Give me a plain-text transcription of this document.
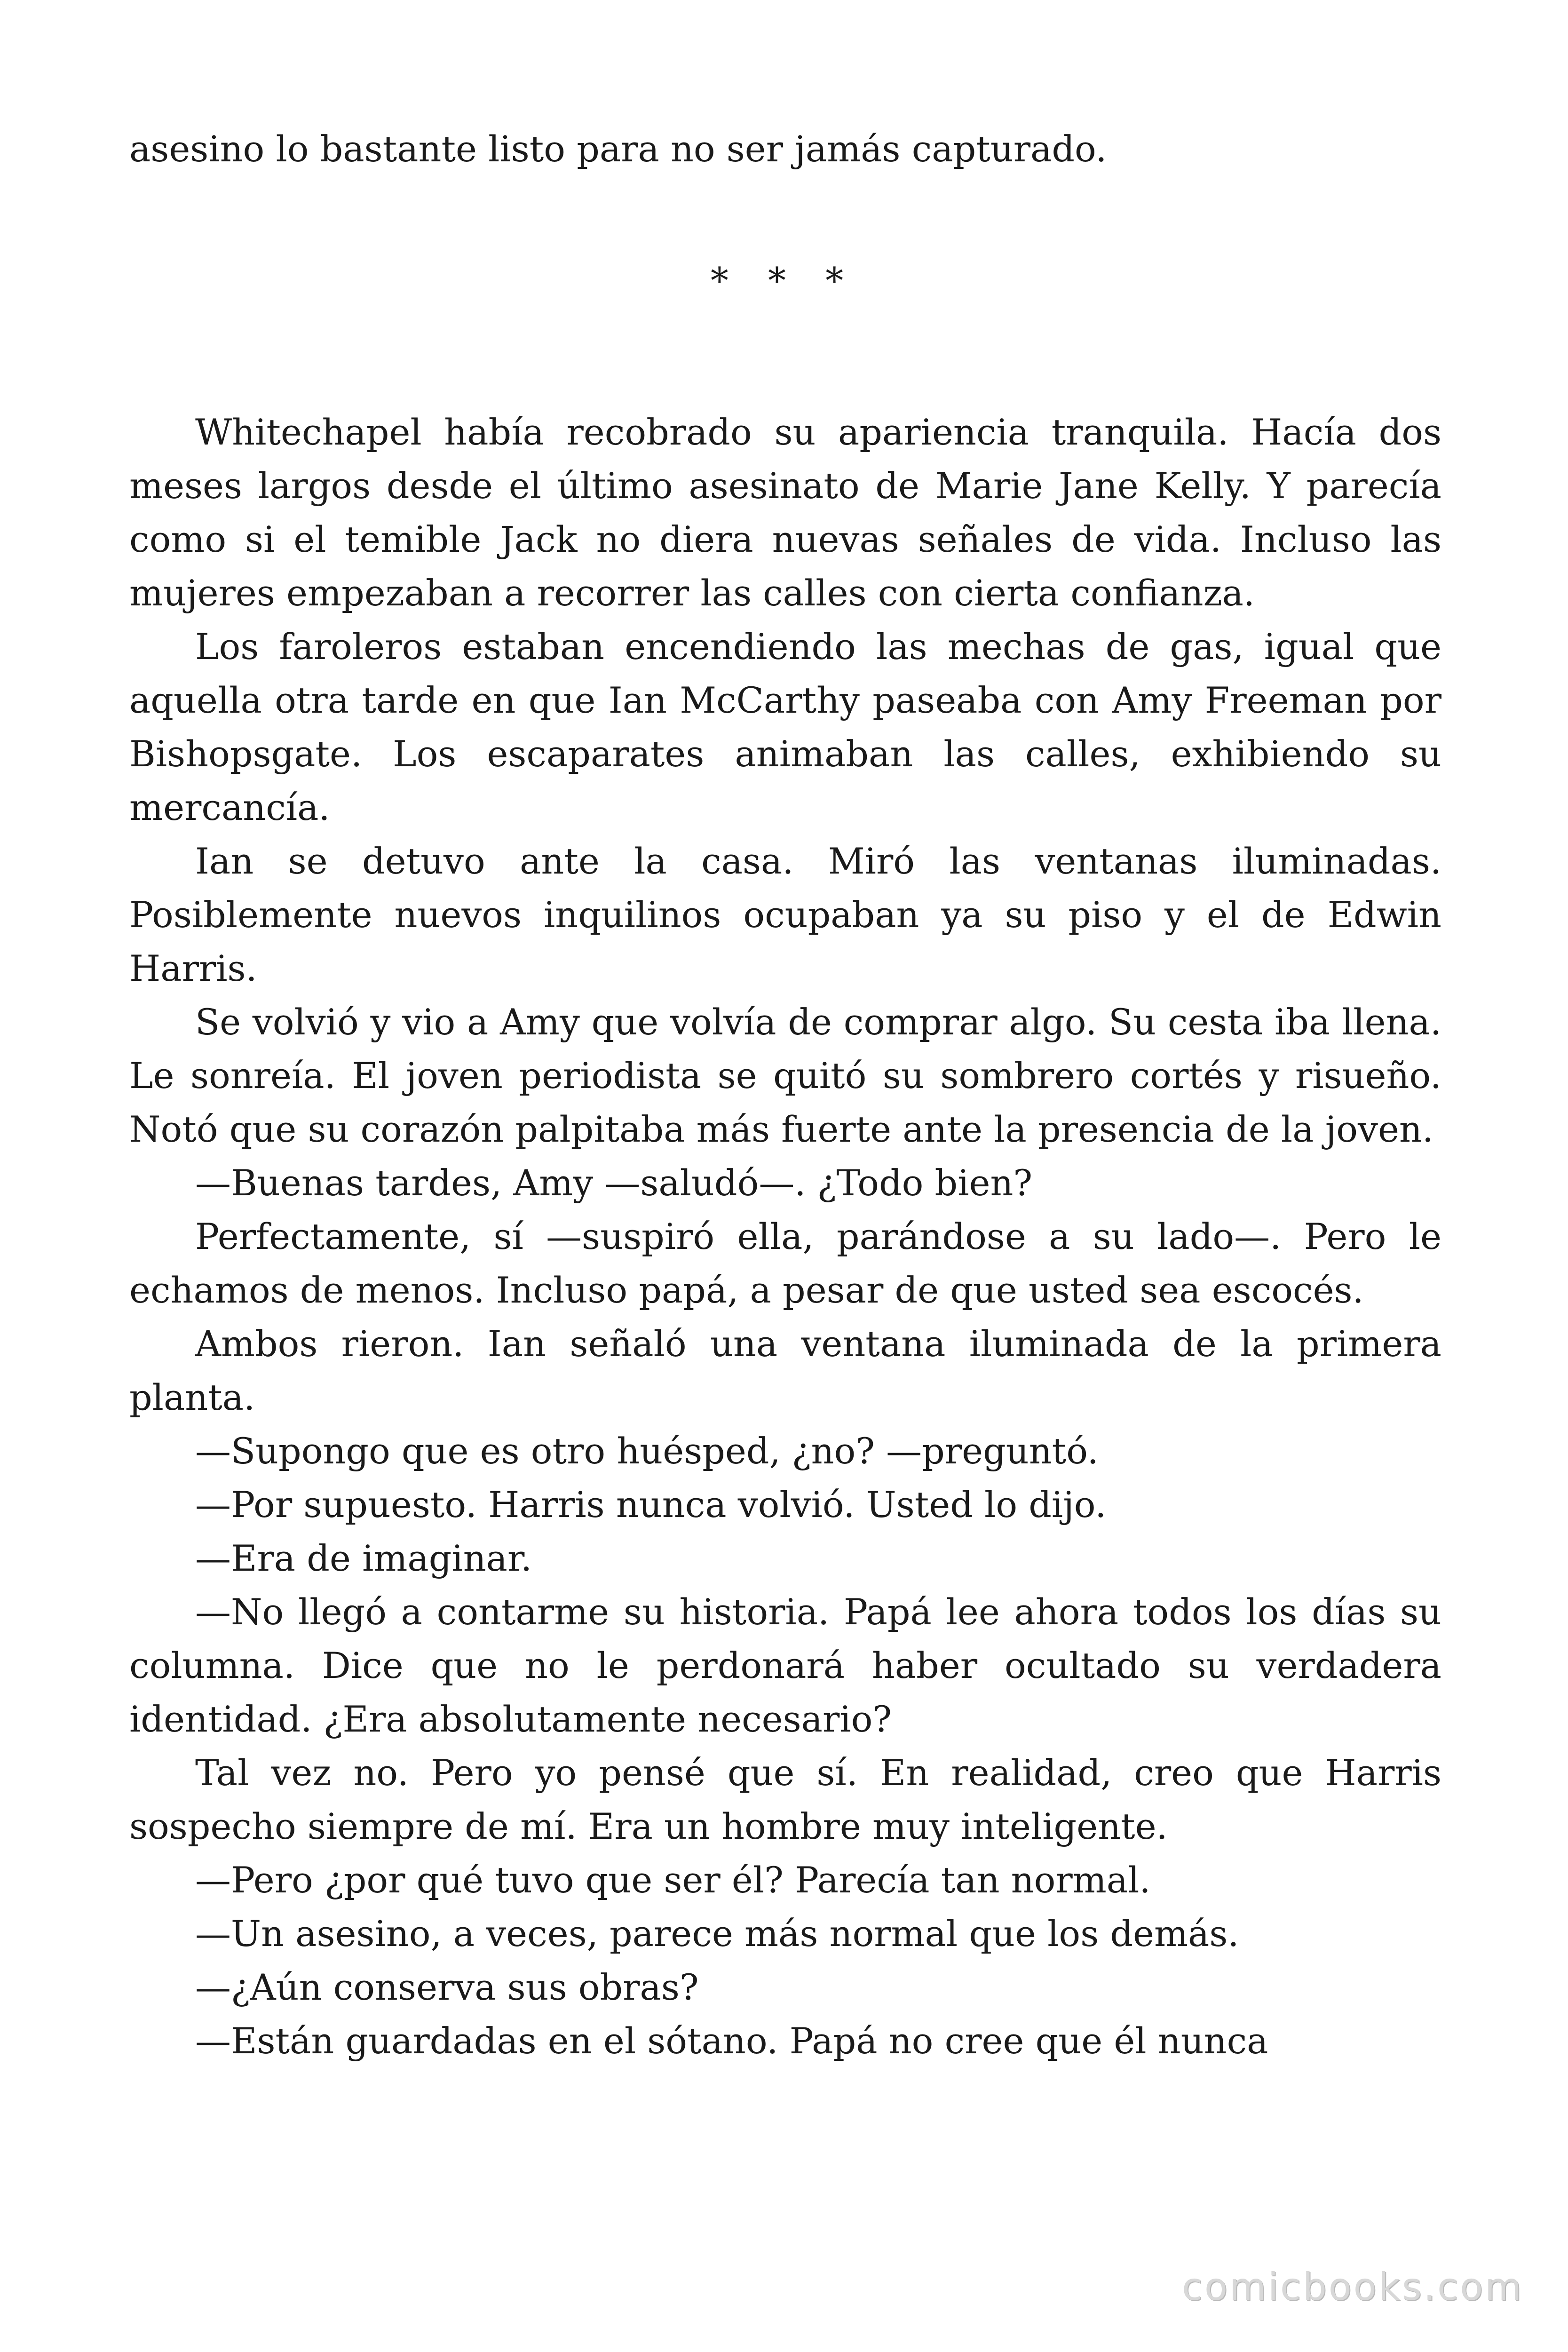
asesino lo bastante listo para no ser jamás capturado.

* * *

Whitechapel había recobrado su apariencia tranquila. Hacía dos meses largos desde el último asesinato de Marie Jane Kelly. Y parecía como si el temible Jack no diera nuevas señales de vida. Incluso las mujeres empezaban a recorrer las calles con cierta confianza.

Los faroleros estaban encendiendo las mechas de gas, igual que aquella otra tarde en que Ian McCarthy paseaba con Amy Freeman por Bishopsgate. Los escaparates animaban las calles, exhibiendo su mercancía.

Ian se detuvo ante la casa. Miró las ventanas iluminadas. Posiblemente nuevos inquilinos ocupaban ya su piso y el de Edwin Harris.

Se volvió y vio a Amy que volvía de comprar algo. Su cesta iba llena. Le sonreía. El joven periodista se quitó su sombrero cortés y risueño. Notó que su corazón palpitaba más fuerte ante la presencia de la joven.

—Buenas tardes, Amy —saludó—. ¿Todo bien?

Perfectamente, sí —suspiró ella, parándose a su lado—. Pero le echamos de menos. Incluso papá, a pesar de que usted sea escocés.

Ambos rieron. Ian señaló una ventana iluminada de la primera planta.

—Supongo que es otro huésped, ¿no? —preguntó.

—Por supuesto. Harris nunca volvió. Usted lo dijo.

—Era de imaginar.

—No llegó a contarme su historia. Papá lee ahora todos los días su columna. Dice que no le perdonará haber ocultado su verdadera identidad. ¿Era absolutamente necesario?

Tal vez no. Pero yo pensé que sí. En realidad, creo que Harris sospecho siempre de mí. Era un hombre muy inteligente.

—Pero ¿por qué tuvo que ser él? Parecía tan normal.

—Un asesino, a veces, parece más normal que los demás.

—¿Aún conserva sus obras?

—Están guardadas en el sótano. Papá no cree que él nunca

comicbooks.com
